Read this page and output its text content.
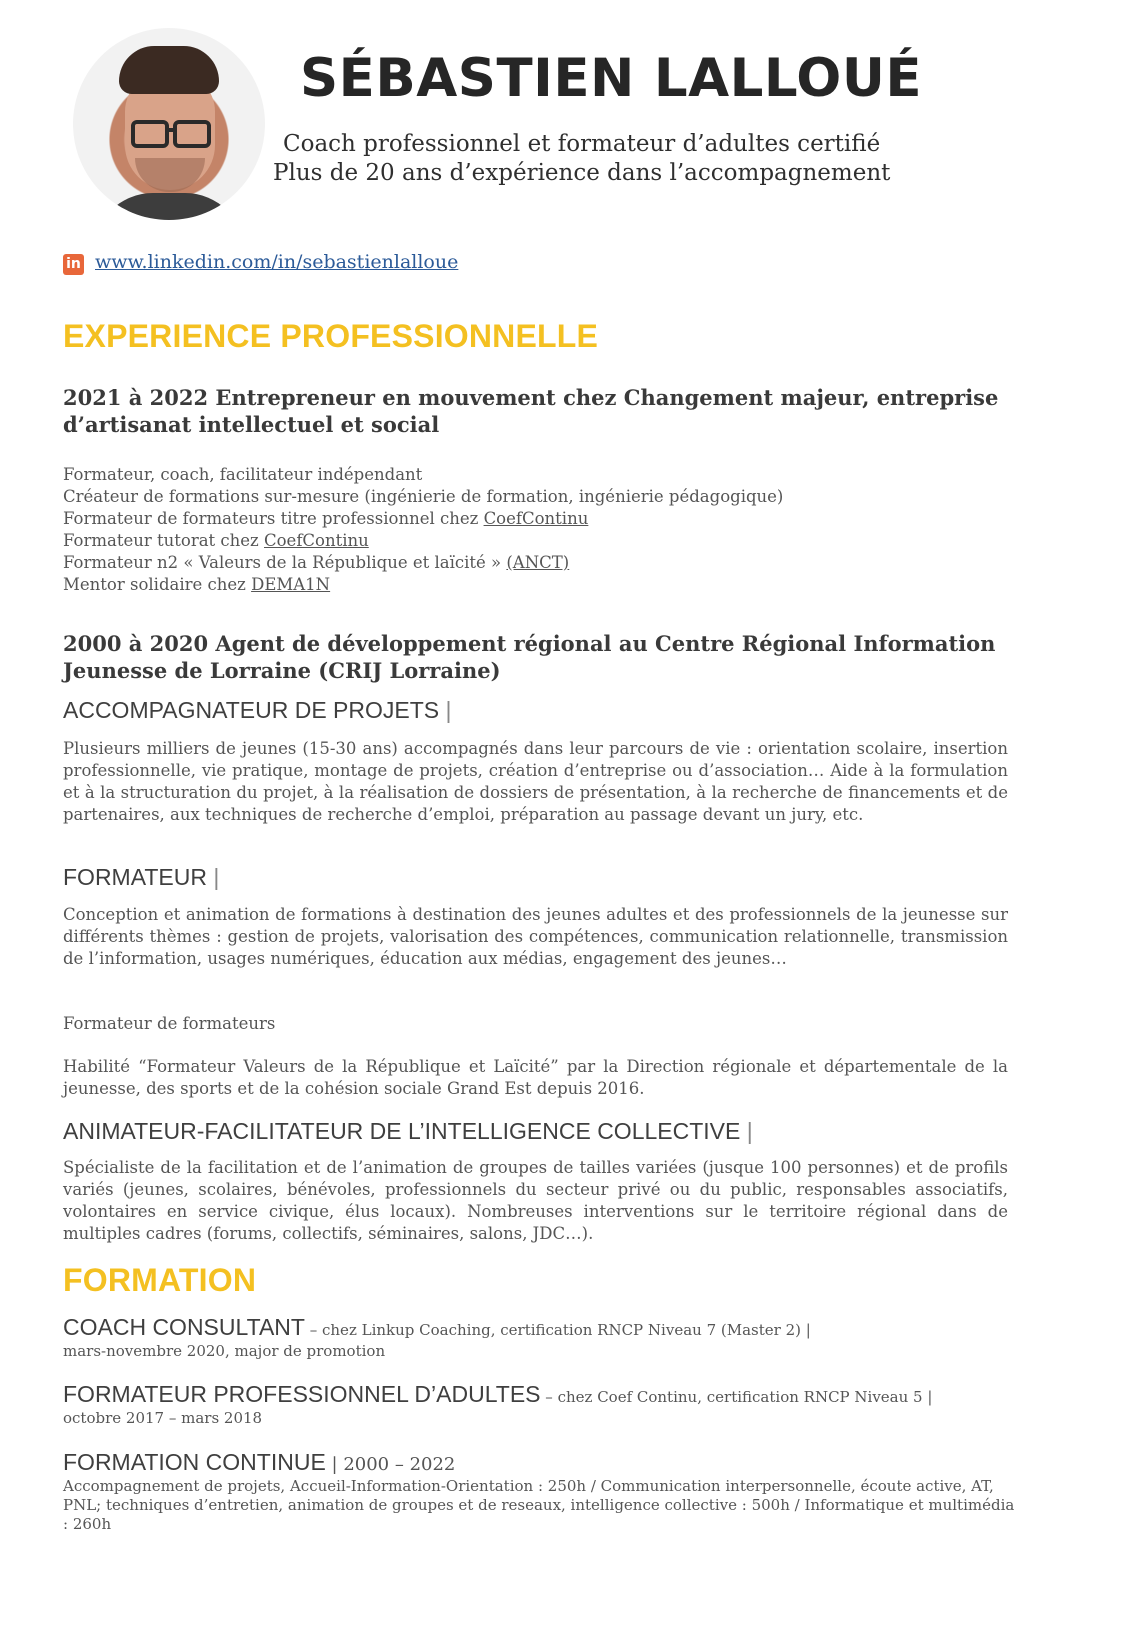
SÉBASTIEN LALLOUÉ
Coach professionnel et formateur d’adultes certifié
Plus de 20 ans d’expérience dans l’accompagnement
in www.linkedin.com/in/sebastienlalloue
EXPERIENCE PROFESSIONNELLE
2021 à 2022 Entrepreneur en mouvement chez Changement majeur, entreprise d’artisanat intellectuel et social
Formateur, coach, facilitateur indépendant
Créateur de formations sur-mesure (ingénierie de formation, ingénierie pédagogique)
Formateur de formateurs titre professionnel chez CoefContinu
Formateur tutorat chez CoefContinu
Formateur n2 « Valeurs de la République et laïcité » (ANCT)
Mentor solidaire chez DEMA1N
2000 à 2020 Agent de développement régional au Centre Régional Information Jeunesse de Lorraine (CRIJ Lorraine)
ACCOMPAGNATEUR DE PROJETS |
Plusieurs milliers de jeunes (15-30 ans) accompagnés dans leur parcours de vie : orientation scolaire, insertion professionnelle, vie pratique, montage de projets, création d’entreprise ou d’association… Aide à la formulation et à la structuration du projet, à la réalisation de dossiers de présentation, à la recherche de financements et de partenaires, aux techniques de recherche d’emploi, préparation au passage devant un jury, etc.
FORMATEUR |
Conception et animation de formations à destination des jeunes adultes et des professionnels de la jeunesse sur différents thèmes : gestion de projets, valorisation des compétences, communication relationnelle, transmission de l’information, usages numériques, éducation aux médias, engagement des jeunes…
Formateur de formateurs
Habilité “Formateur Valeurs de la République et Laïcité” par la Direction régionale et départementale de la jeunesse, des sports et de la cohésion sociale Grand Est depuis 2016.
ANIMATEUR-FACILITATEUR DE L’INTELLIGENCE COLLECTIVE |
Spécialiste de la facilitation et de l’animation de groupes de tailles variées (jusque 100 personnes) et de profils variés (jeunes, scolaires, bénévoles, professionnels du secteur privé ou du public, responsables associatifs, volontaires en service civique, élus locaux). Nombreuses interventions sur le territoire régional dans de multiples cadres (forums, collectifs, séminaires, salons, JDC…).
FORMATION
COACH CONSULTANT – chez Linkup Coaching, certification RNCP Niveau 7 (Master 2) |
mars-novembre 2020, major de promotion
FORMATEUR PROFESSIONNEL D’ADULTES – chez Coef Continu, certification RNCP Niveau 5 |
octobre 2017 – mars 2018
FORMATION CONTINUE | 2000 – 2022
Accompagnement de projets, Accueil-Information-Orientation : 250h / Communication interpersonnelle, écoute active, AT, PNL; techniques d’entretien, animation de groupes et de reseaux, intelligence collective : 500h / Informatique et multimédia : 260h
